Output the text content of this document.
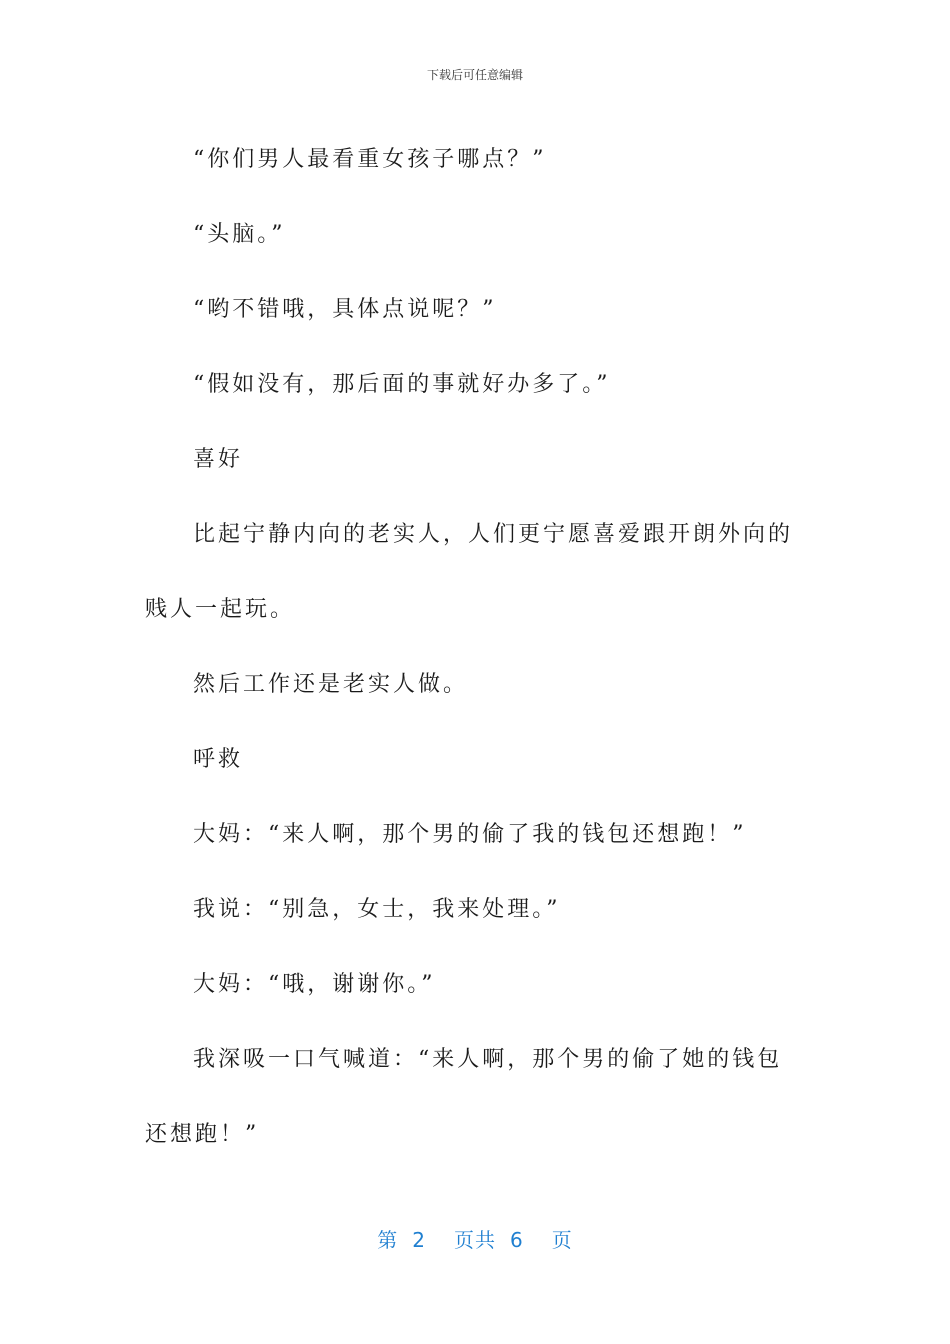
下载后可任意编辑

“你们男人最看重女孩子哪点？”

“头脑。”

“哟不错哦，具体点说呢？”

“假如没有，那后面的事就好办多了。”

喜好

比起宁静内向的老实人，人们更宁愿喜爱跟开朗外向的贱人一起玩。

然后工作还是老实人做。

呼救

大妈：“来人啊，那个男的偷了我的钱包还想跑！”

我说：“别急，女士，我来处理。”

大妈：“哦，谢谢你。”

我深吸一口气喊道：“来人啊，那个男的偷了她的钱包还想跑！”

第 2 页共 6 页
